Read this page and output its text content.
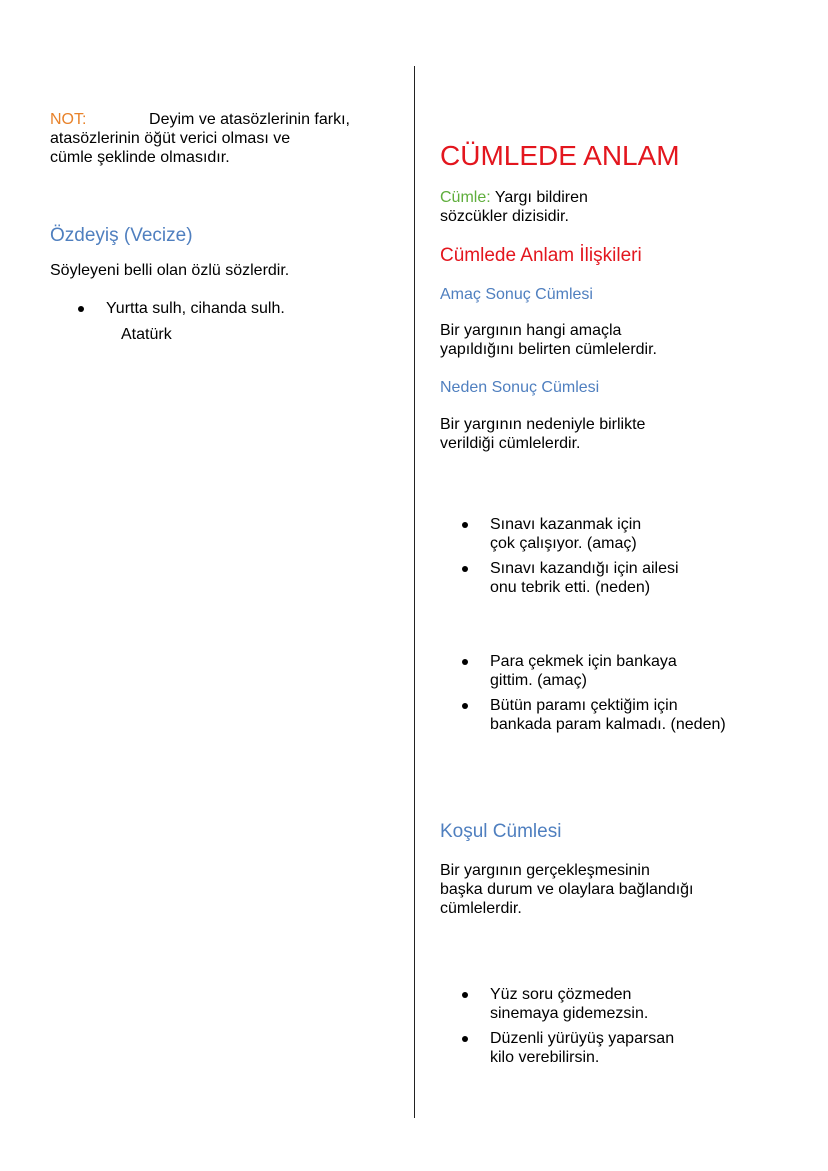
NOT:	Deyim ve atasözlerinin farkı,
atasözlerinin öğüt verici olması ve
cümle şeklinde olmasıdır.
Özdeyiş (Vecize)
Söyleyeni belli olan özlü sözlerdir.
Yurtta sulh, cihanda sulh.
Atatürk
CÜMLEDE ANLAM
Cümle: Yargı bildiren
sözcükler dizisidir.
Cümlede Anlam İlişkileri
Amaç Sonuç Cümlesi
Bir yargının hangi amaçla
yapıldığını belirten cümlelerdir.
Neden Sonuç Cümlesi
Bir yargının nedeniyle birlikte
verildiği cümlelerdir.
Sınavı kazanmak için
çok çalışıyor. (amaç)
Sınavı kazandığı için ailesi
onu tebrik etti. (neden)
Para çekmek için bankaya
gittim. (amaç)
Bütün paramı çektiğim için
bankada param kalmadı. (neden)
Koşul Cümlesi
Bir yargının gerçekleşmesinin
başka durum ve olaylara bağlandığı
cümlelerdir.
Yüz soru çözmeden
sinemaya gidemezsin.
Düzenli yürüyüş yaparsan
kilo verebilirsin.
